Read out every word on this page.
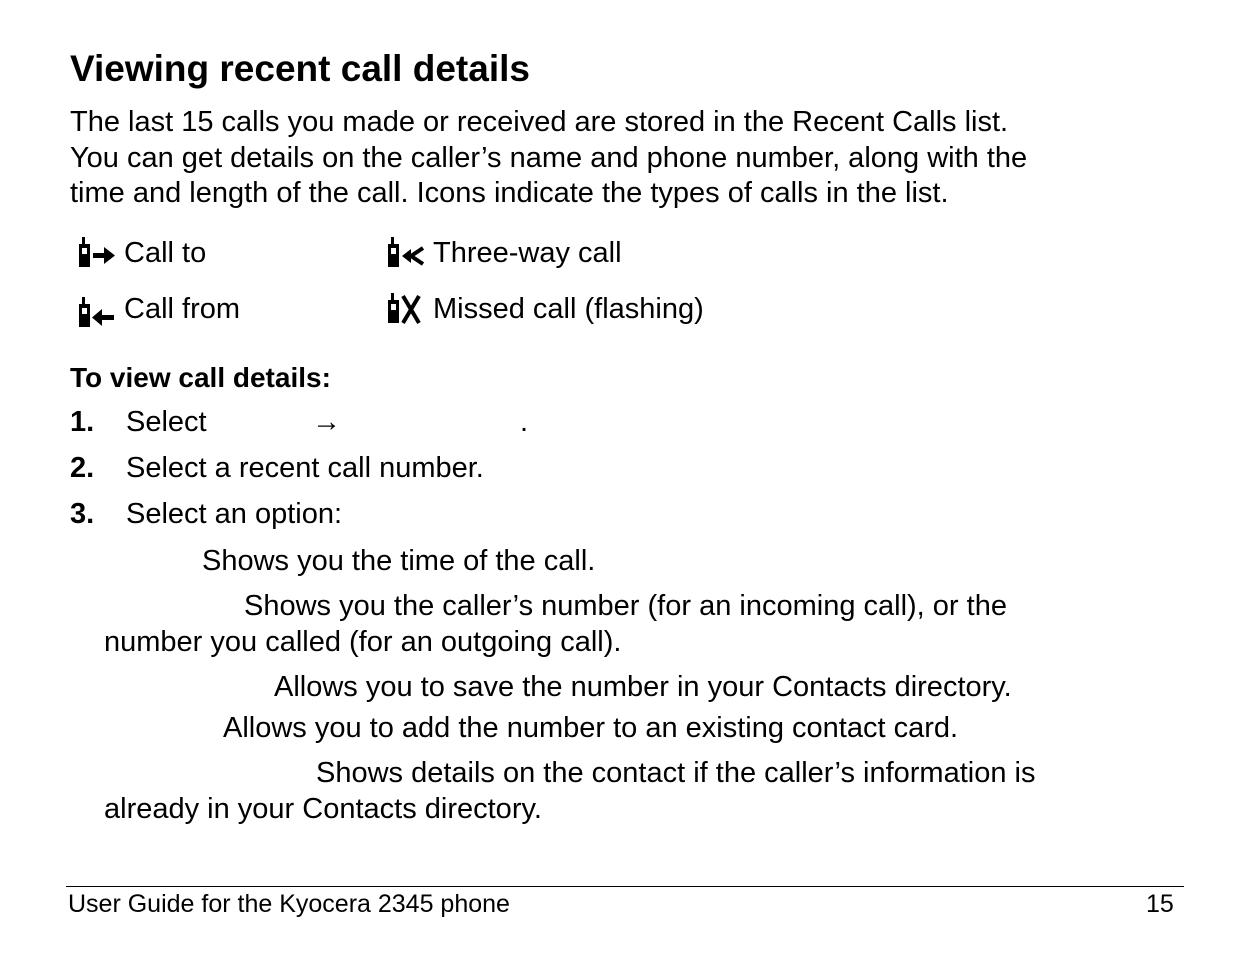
Viewing recent call details
The last 15 calls you made or received are stored in the Recent Calls list.
You can get details on the caller’s name and phone number, along with the
time and length of the call. Icons indicate the types of calls in the list.
Call to	Three-way call
Call from	Missed call (flashing)
To view call details:
1. Select	→	.
2. Select a recent call number.
3. Select an option:
Shows you the time of the call.
Shows you the caller’s number (for an incoming call), or the
number you called (for an outgoing call).
Allows you to save the number in your Contacts directory.
Allows you to add the number to an existing contact card.
Shows details on the contact if the caller’s information is
already in your Contacts directory.
User Guide for the Kyocera 2345 phone	15
